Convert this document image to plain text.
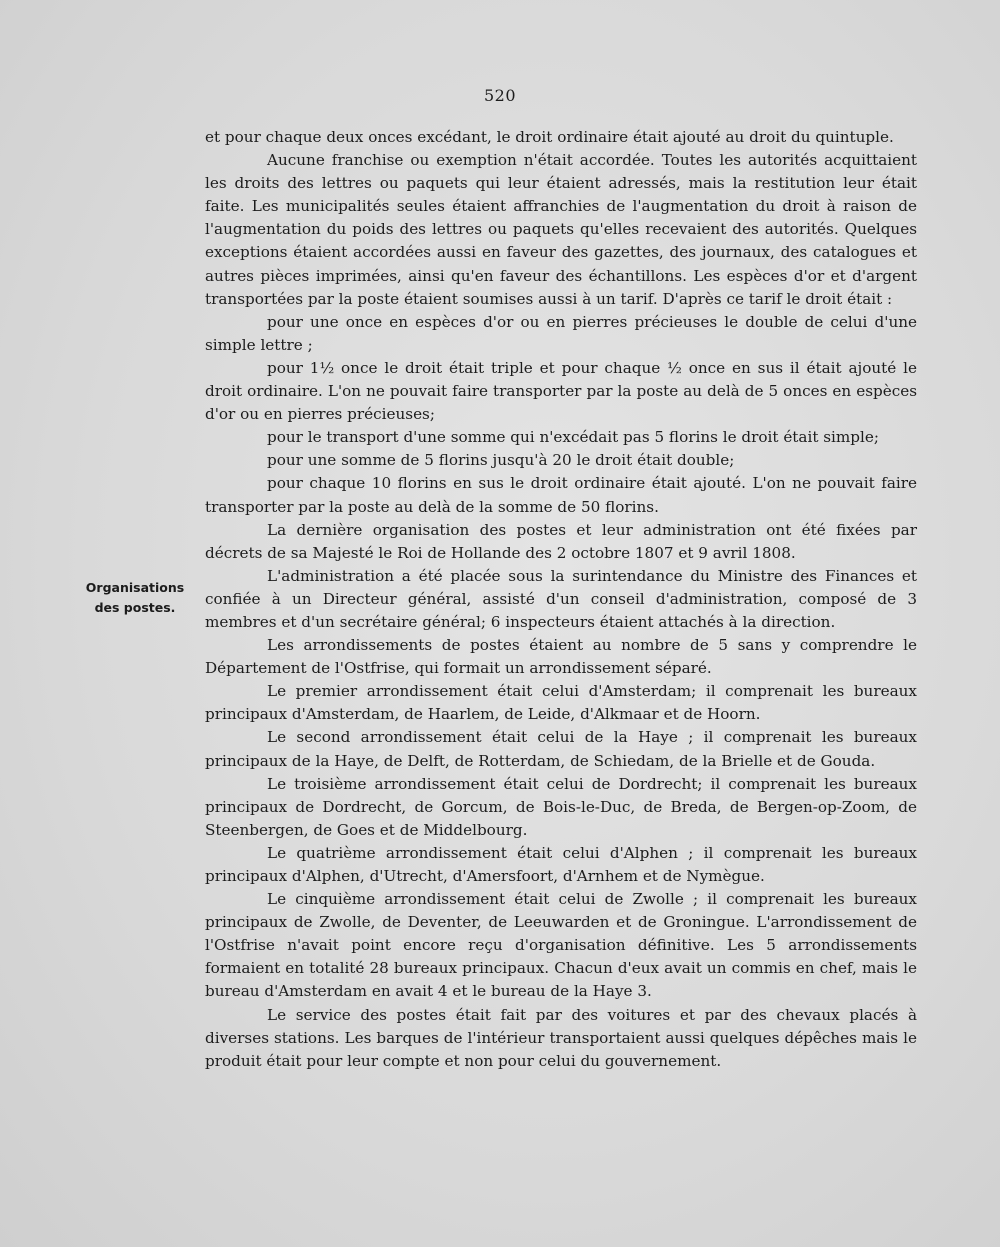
520
Organisations
des postes.

et pour chaque deux onces excédant, le droit ordinaire était ajouté au droit du quintuple.

Aucune franchise ou exemption n'était accordée. Toutes les autorités acquittaient les droits des lettres ou paquets qui leur étaient adressés, mais la restitution leur était faite. Les municipalités seules étaient affranchies de l'augmentation du droit à raison de l'augmentation du poids des lettres ou paquets qu'elles recevaient des autorités. Quelques exceptions étaient accordées aussi en faveur des gazettes, des journaux, des catalogues et autres pièces imprimées, ainsi qu'en faveur des échantillons. Les espèces d'or et d'argent transportées par la poste étaient soumises aussi à un tarif. D'après ce tarif le droit était :

pour une once en espèces d'or ou en pierres précieuses le double de celui d'une simple lettre ;

pour 1½ once le droit était triple et pour chaque ½ once en sus il était ajouté le droit ordinaire. L'on ne pouvait faire transporter par la poste au delà de 5 onces en espèces d'or ou en pierres précieuses;

pour le transport d'une somme qui n'excédait pas 5 florins le droit était simple;

pour une somme de 5 florins jusqu'à 20 le droit était double;

pour chaque 10 florins en sus le droit ordinaire était ajouté. L'on ne pouvait faire transporter par la poste au delà de la somme de 50 florins.

La dernière organisation des postes et leur administration ont été fixées par décrets de sa Majesté le Roi de Hollande des 2 octobre 1807 et 9 avril 1808.

L'administration a été placée sous la surintendance du Ministre des Finances et confiée à un Directeur général, assisté d'un conseil d'administration, composé de 3 membres et d'un secrétaire général; 6 inspecteurs étaient attachés à la direction.

Les arrondissements de postes étaient au nombre de 5 sans y comprendre le Département de l'Ostfrise, qui formait un arrondissement séparé.

Le premier arrondissement était celui d'Amsterdam; il comprenait les bureaux principaux d'Amsterdam, de Haarlem, de Leide, d'Alkmaar et de Hoorn.

Le second arrondissement était celui de la Haye ; il comprenait les bureaux principaux de la Haye, de Delft, de Rotterdam, de Schiedam, de la Brielle et de Gouda.

Le troisième arrondissement était celui de Dordrecht; il comprenait les bureaux principaux de Dordrecht, de Gorcum, de Bois-le-Duc, de Breda, de Bergen-op-Zoom, de Steenbergen, de Goes et de Middelbourg.

Le quatrième arrondissement était celui d'Alphen ; il comprenait les bureaux principaux d'Alphen, d'Utrecht, d'Amersfoort, d'Arnhem et de Nymègue.

Le cinquième arrondissement était celui de Zwolle ; il comprenait les bureaux principaux de Zwolle, de Deventer, de Leeuwarden et de Groningue. L'arrondissement de l'Ostfrise n'avait point encore reçu d'organisation définitive. Les 5 arrondissements formaient en totalité 28 bureaux principaux. Chacun d'eux avait un commis en chef, mais le bureau d'Amsterdam en avait 4 et le bureau de la Haye 3.

Le service des postes était fait par des voitures et par des chevaux placés à diverses stations. Les barques de l'intérieur transportaient aussi quelques dépêches mais le produit était pour leur compte et non pour celui du gouvernement.
